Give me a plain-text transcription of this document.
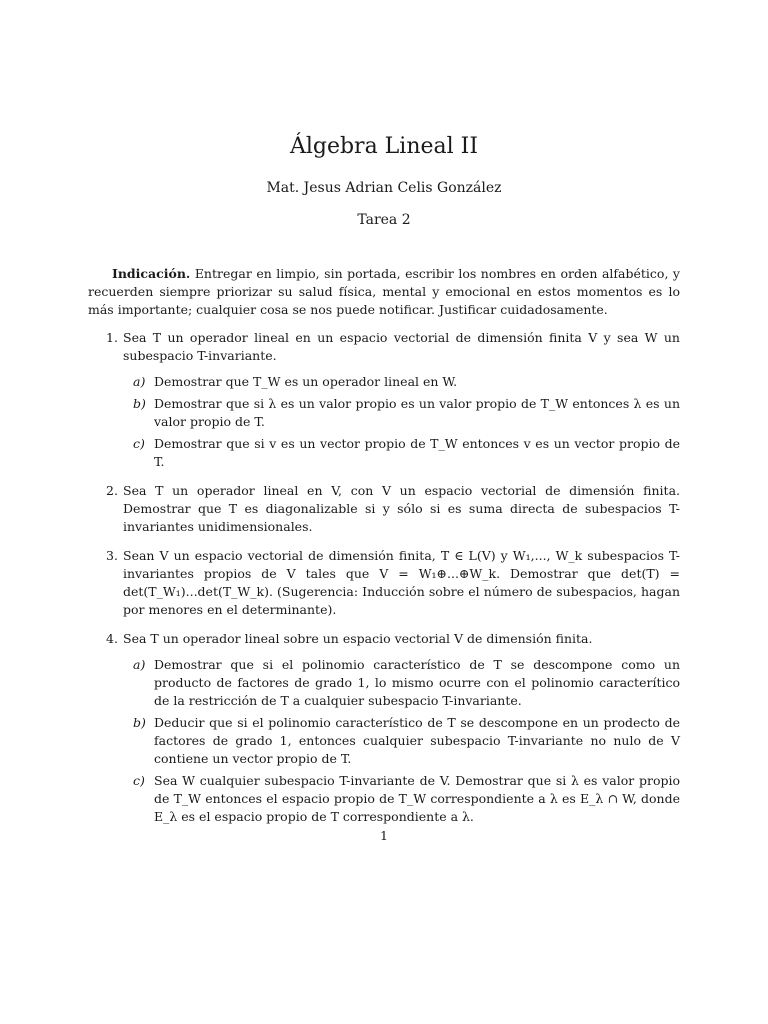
Álgebra Lineal II
Mat. Jesus Adrian Celis González
Tarea 2

Indicación. Entregar en limpio, sin portada, escribir los nombres en orden alfabético, y recuerden siempre priorizar su salud física, mental y emocional en estos momentos es lo más importante; cualquier cosa se nos puede notificar. Justificar cuidadosamente.

1. Sea T un operador lineal en un espacio vectorial de dimensión finita V y sea W un subespacio T-invariante.
a) Demostrar que T_W es un operador lineal en W.
b) Demostrar que si λ es un valor propio es un valor propio de T_W entonces λ es un valor propio de T.
c) Demostrar que si v es un vector propio de T_W entonces v es un vector propio de T.
2. Sea T un operador lineal en V, con V un espacio vectorial de dimensión finita. Demostrar que T es diagonalizable si y sólo si es suma directa de subespacios T-invariantes unidimensionales.
3. Sean V un espacio vectorial de dimensión finita, T ∈ L(V) y W₁,..., W_k subespacios T-invariantes propios de V tales que V = W₁⊕...⊕W_k. Demostrar que det(T) = det(T_W₁)...det(T_W_k). (Sugerencia: Inducción sobre el número de subespacios, hagan por menores en el determinante).
4. Sea T un operador lineal sobre un espacio vectorial V de dimensión finita.
a) Demostrar que si el polinomio característico de T se descompone como un producto de factores de grado 1, lo mismo ocurre con el polinomio caracterítico de la restricción de T a cualquier subespacio T-invariante.
b) Deducir que si el polinomio característico de T se descompone en un prodecto de factores de grado 1, entonces cualquier subespacio T-invariante no nulo de V contiene un vector propio de T.
c) Sea W cualquier subespacio T-invariante de V. Demostrar que si λ es valor propio de T_W entonces el espacio propio de T_W correspondiente a λ es E_λ ∩ W, donde E_λ es el espacio propio de T correspondiente a λ.
1
